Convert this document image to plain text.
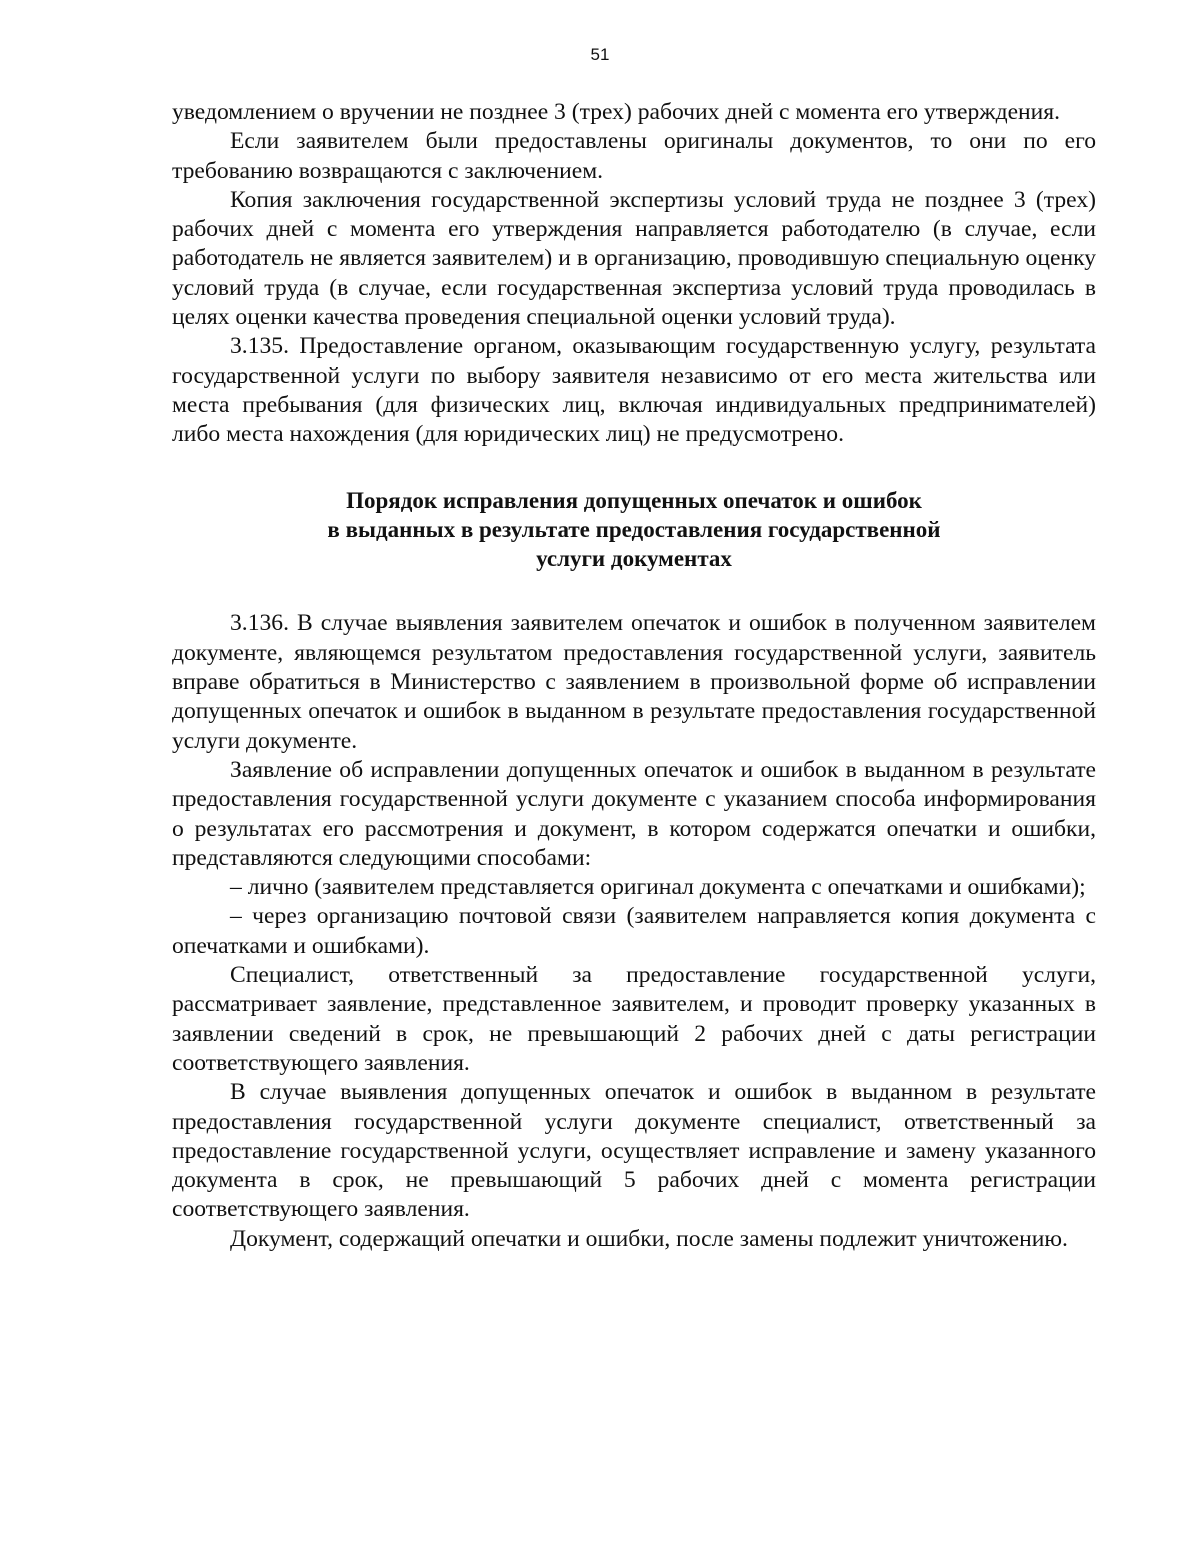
51

уведомлением о вручении не позднее 3 (трех) рабочих дней с момента его утверждения.

Если заявителем были предоставлены оригиналы документов, то они по его требованию возвращаются с заключением.

Копия заключения государственной экспертизы условий труда не позднее 3 (трех) рабочих дней с момента его утверждения направляется работодателю (в случае, если работодатель не является заявителем) и в организацию, проводившую специальную оценку условий труда (в случае, если государственная экспертиза условий труда проводилась в целях оценки качества проведения специальной оценки условий труда).

3.135. Предоставление органом, оказывающим государственную услугу, результата государственной услуги по выбору заявителя независимо от его места жительства или места пребывания (для физических лиц, включая индивидуальных предпринимателей) либо места нахождения (для юридических лиц) не предусмотрено.

Порядок исправления допущенных опечаток и ошибок
в выданных в результате предоставления государственной
услуги документах

3.136. В случае выявления заявителем опечаток и ошибок в полученном заявителем документе, являющемся результатом предоставления государственной услуги, заявитель вправе обратиться в Министерство с заявлением в произвольной форме об исправлении допущенных опечаток и ошибок в выданном в результате предоставления государственной услуги документе.

Заявление об исправлении допущенных опечаток и ошибок в выданном в результате предоставления государственной услуги документе с указанием способа информирования о результатах его рассмотрения и документ, в котором содержатся опечатки и ошибки, представляются следующими способами:

– лично (заявителем представляется оригинал документа с опечатками и ошибками);

– через организацию почтовой связи (заявителем направляется копия документа с опечатками и ошибками).

Специалист, ответственный за предоставление государственной услуги, рассматривает заявление, представленное заявителем, и проводит проверку указанных в заявлении сведений в срок, не превышающий 2 рабочих дней с даты регистрации соответствующего заявления.

В случае выявления допущенных опечаток и ошибок в выданном в результате предоставления государственной услуги документе специалист, ответственный за предоставление государственной услуги, осуществляет исправление и замену указанного документа в срок, не превышающий 5 рабочих дней с момента регистрации соответствующего заявления.

Документ, содержащий опечатки и ошибки, после замены подлежит уничтожению.
